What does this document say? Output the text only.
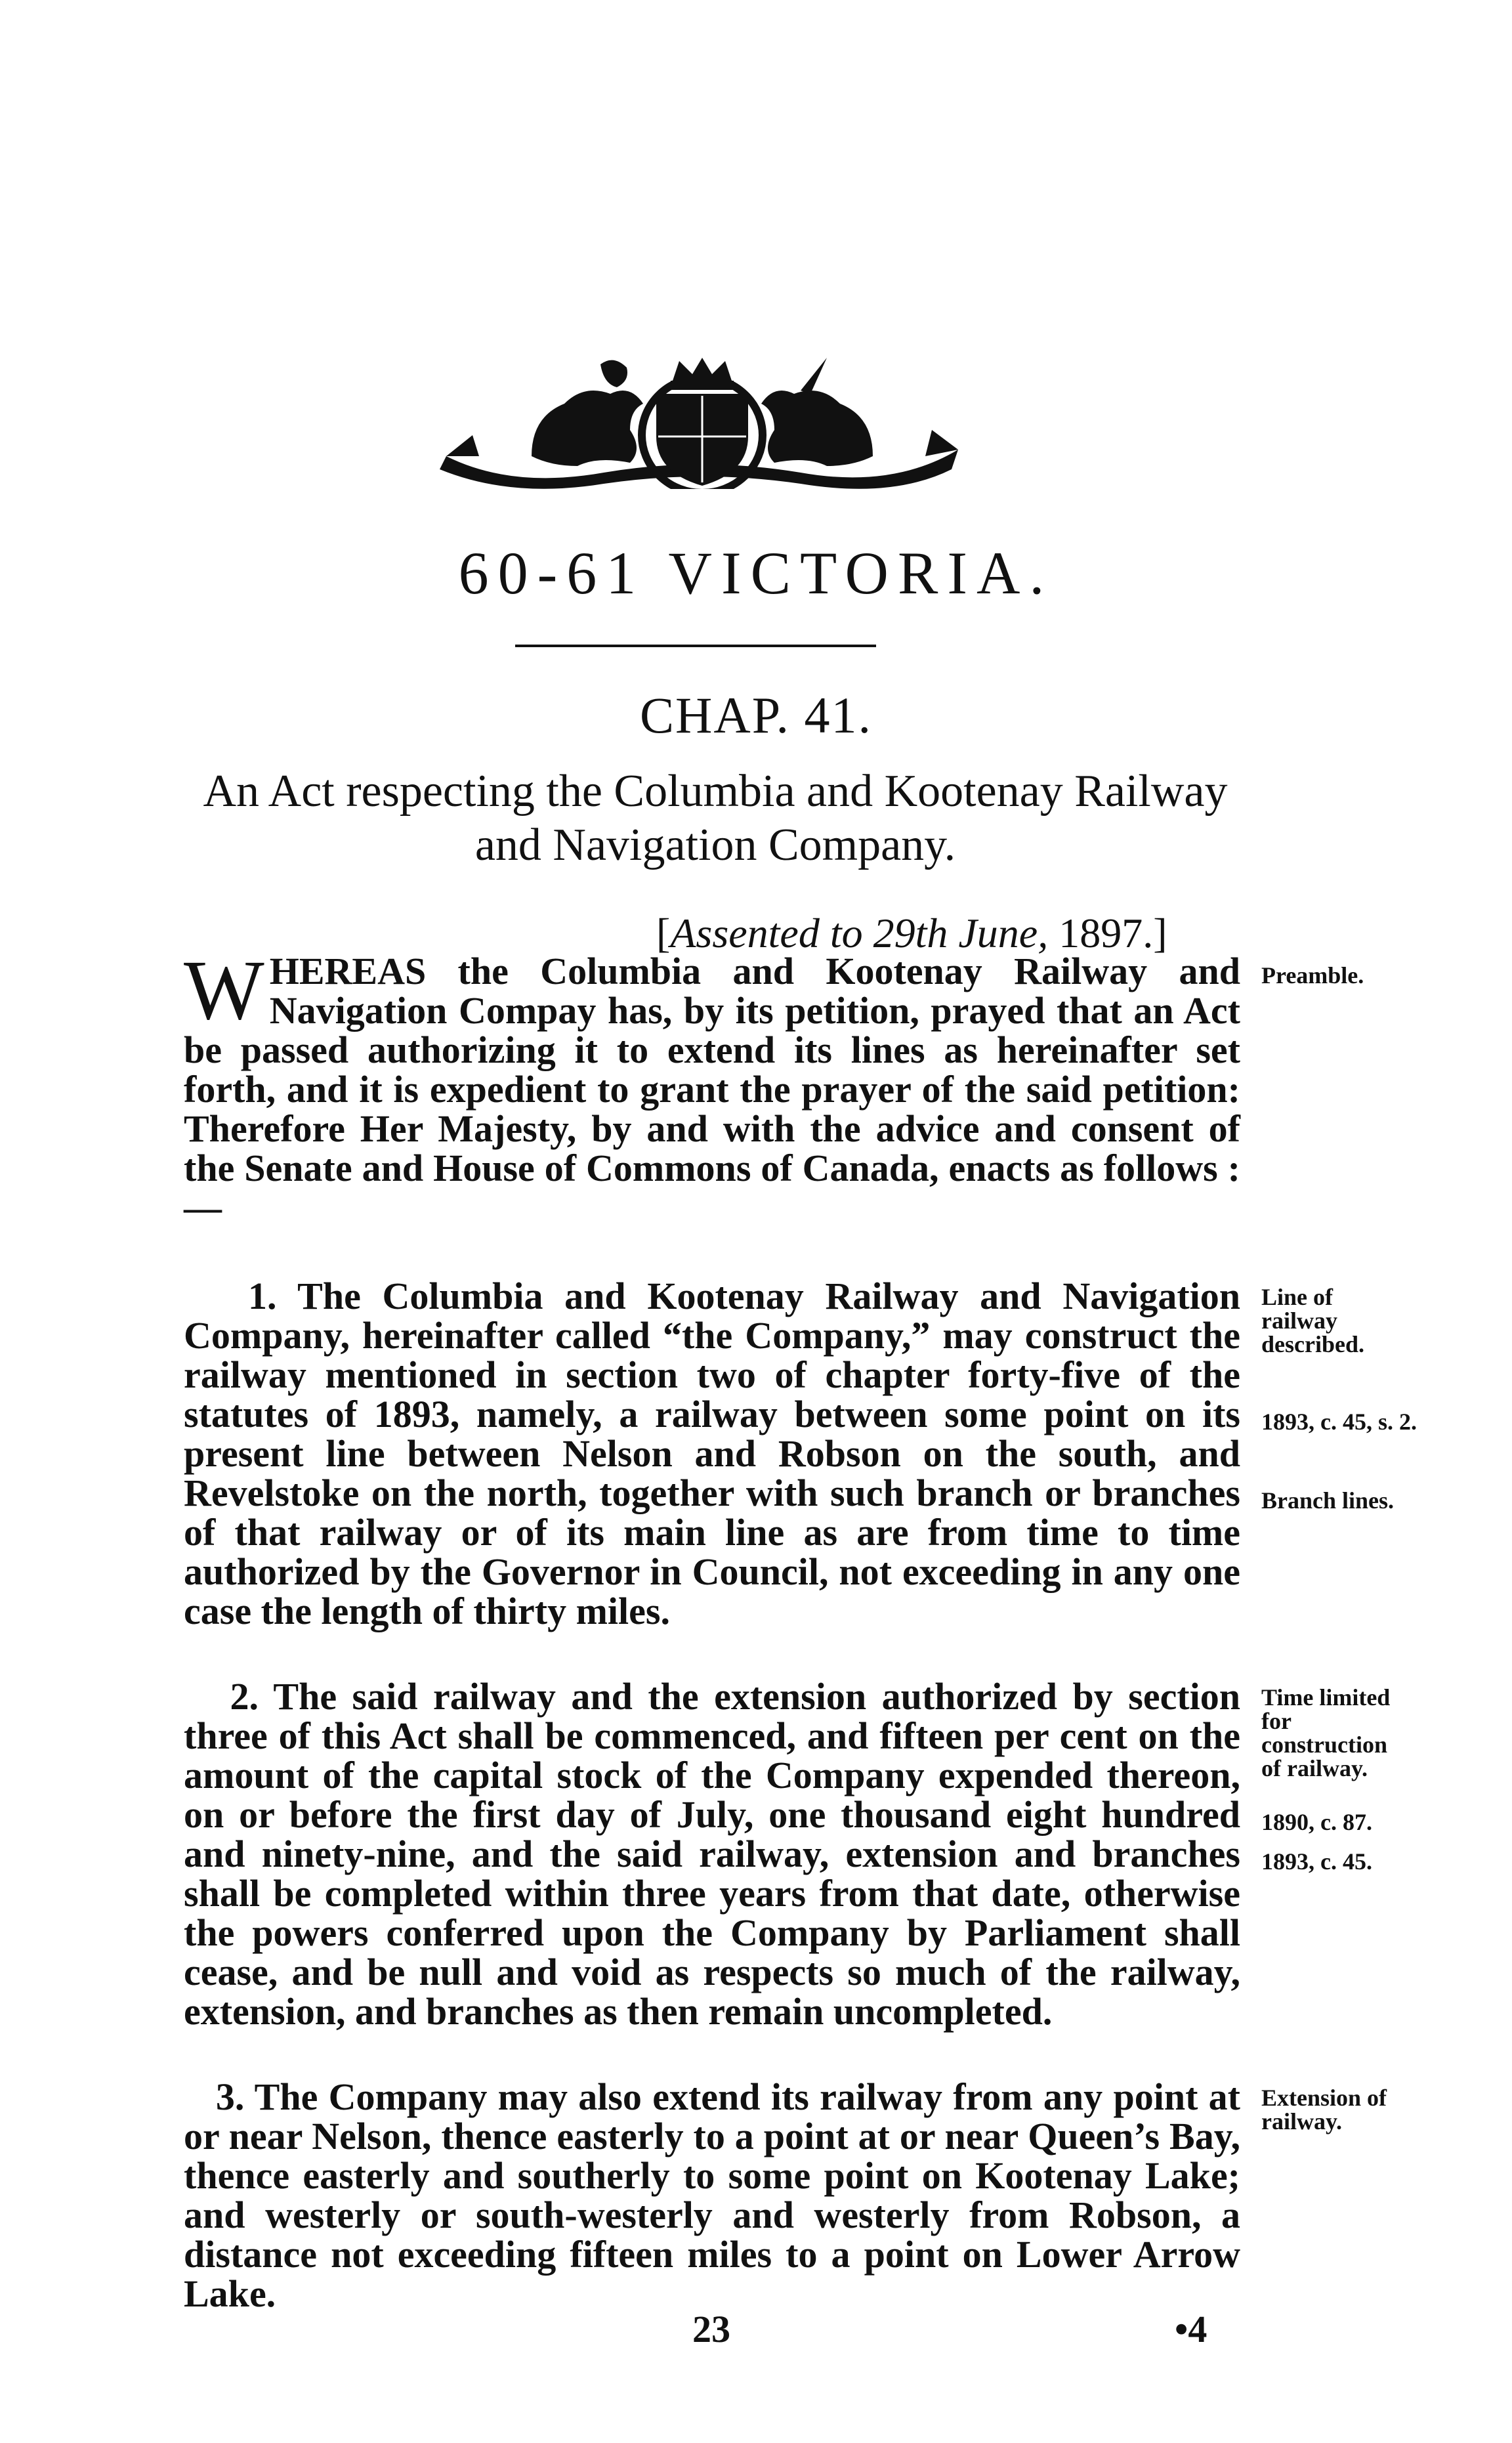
60-61 VICTORIA.
CHAP. 41.
An Act respecting the Columbia and Kootenay Railway and Navigation Company.
[Assented to 29th June, 1897.]

WHEREAS the Columbia and Kootenay Railway and Navigation Compay has, by its petition, prayed that an Act be passed authorizing it to extend its lines as hereinafter set forth, and it is expedient to grant the prayer of the said petition: Therefore Her Majesty, by and with the advice and consent of the Senate and House of Commons of Canada, enacts as follows :—

Preamble.

1. The Columbia and Kootenay Railway and Navigation Company, hereinafter called “the Company,” may construct the railway mentioned in section two of chapter forty-five of the statutes of 1893, namely, a railway between some point on its present line between Nelson and Robson on the south, and Revelstoke on the north, together with such branch or branches of that railway or of its main line as are from time to time authorized by the Governor in Council, not exceeding in any one case the length of thirty miles.

Line of railway described.
1893, c. 45, s. 2.
Branch lines.

2. The said railway and the extension authorized by section three of this Act shall be commenced, and fifteen per cent on the amount of the capital stock of the Company expended thereon, on or before the first day of July, one thousand eight hundred and ninety-nine, and the said railway, extension and branches shall be completed within three years from that date, otherwise the powers conferred upon the Company by Parliament shall cease, and be null and void as respects so much of the railway, extension, and branches as then remain uncompleted.

Time limited for construction of railway.
1890, c. 87.
1893, c. 45.

3. The Company may also extend its railway from any point at or near Nelson, thence easterly to a point at or near Queen’s Bay, thence easterly and southerly to some point on Kootenay Lake; and westerly or south-westerly and westerly from Robson, a distance not exceeding fifteen miles to a point on Lower Arrow Lake.

Extension of railway.
23	•4
